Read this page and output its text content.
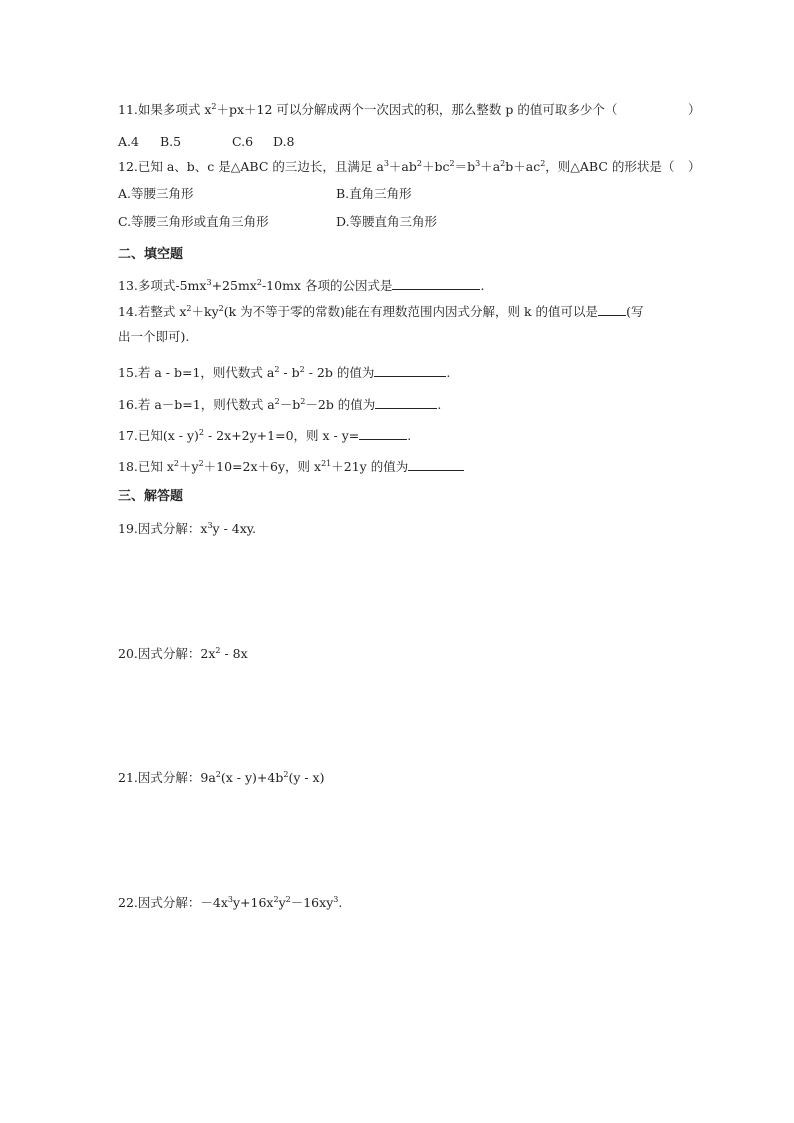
11.如果多项式 $x^2+px+12$ 可以分解成两个一次因式的积，那么整数 p 的值可取多少个（	）
A.4 B.5	C.6 D.8
12.已知 a、b、c 是△ABC 的三边长，且满足 $a^3+ab^2+bc^2=b^3+a^2b+ac^2$，则△ABC 的形状是（ ）
A.等腰三角形	B.直角三角形
C.等腰三角形或直角三角形	D.等腰直角三角形
二、填空题
13.多项式$-5mx^3+25mx^2-10mx$ 各项的公因式是	.
14.若整式 $x^2+ky^2(k$ 为不等于零的常数)能在有理数范围内因式分解，则 k 的值可以是 (写
出一个即可).
15.若 a - b=1，则代数式 $a^2 - b^2 - 2b$ 的值为	.
16.若 a－b=1，则代数式 $a^2-b^2-2b$ 的值为	.
17.已知(x - y)$^2$ - 2x+2y+1=0，则 x - y=	.
18.已知 $x^2+y^2+10=2x+6y$，则 $x^{21}+21y$ 的值为
三、解答题
19.因式分解：$x^3y - 4xy$.
20.因式分解：$2x^2 - 8x$
21.因式分解：$9a^2(x - y)+4b^2(y - x)$
22.因式分解：$-4x^3y+16x^2y^2-16xy^3$.
